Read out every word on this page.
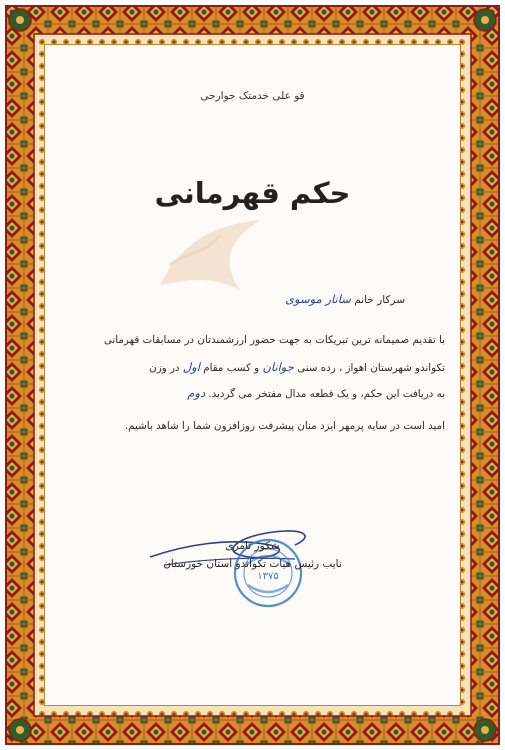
قو علی خدمتک جوارحی
حکم قهرمانی
سرکار خانم سانار موسوی
با تقدیم صمیمانه ترین تبریکات به جهت حضور ارزشمندتان در مسابقات قهرمانی
تکواندو شهرستان اهواز ، رده سنی جوانان و کسب مقام اول در وزن
به دریافت این حکم، و یک قطعه مدال مفتخر می گردید. دوم
امید است در سایه پرمهر ایزد منان پیشرفت روزافزون شما را شاهد باشیم.
۱۳۷۵
شکور ثامری
نایب رئیس هیات تکواندو استان خوزستان
